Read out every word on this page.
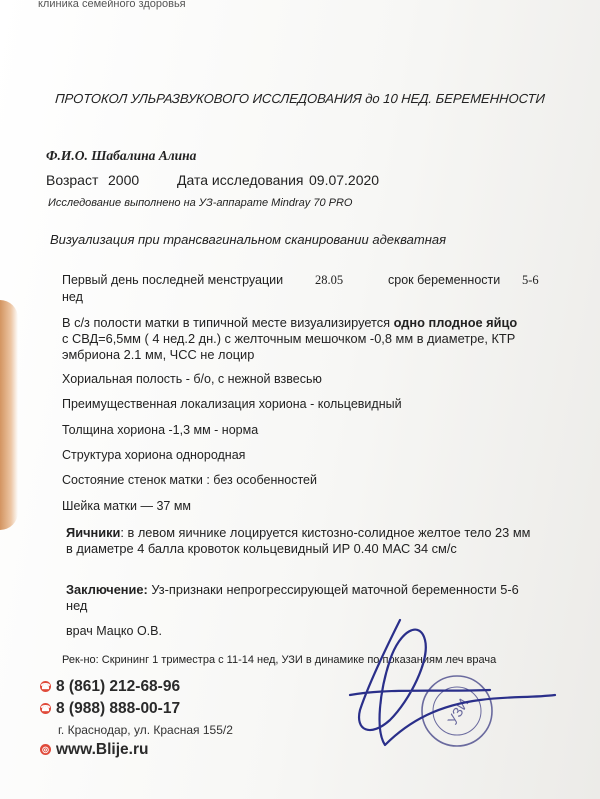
клиника семейного здоровья
ПРОТОКОЛ УЛЬРАЗВУКОВОГО ИССЛЕДОВАНИЯ до 10 НЕД. БЕРЕМЕННОСТИ
Ф.И.О. Шабалина Алина
Возраст 2000	Дата исследования 09.07.2020
Исследование выполнено на УЗ-аппарате Mindray 70 PRO
Визуализация при трансвагинальном сканировании адекватная
Первый день последней менструации	28.05	срок беременности 5-6
нед
В с/з полости матки в типичной месте визуализируется одно плодное яйцо с СВД=6,5мм ( 4 нед.2 дн.) с желточным мешочком -0,8 мм в диаметре, КТР эмбриона 2.1 мм, ЧСС не лоцир
Хориальная полость - б/о, с нежной взвесью
Преимущественная локализация хориона - кольцевидный
Толщина хориона -1,3 мм - норма
Структура хориона однородная
Состояние стенок матки : без особенностей
Шейка матки — 37 мм
Яичники: в левом яичнике лоцируется кистозно-солидное желтое тело 23 мм в диаметре 4 балла кровоток кольцевидный ИР 0.40 МАС 34 см/с
Заключение: Уз-признаки непрогрессирующей маточной беременности 5-6 нед
врач Мацко О.В.
Рек-но: Скрининг 1 триместра с 11-14 нед, УЗИ в динамике по показаниям леч врача
☎ 8 (861) 212-68-96
☎ 8 (988) 888-00-17
г. Краснодар, ул. Красная 155/2
◎ www.Blije.ru
УЗИ
